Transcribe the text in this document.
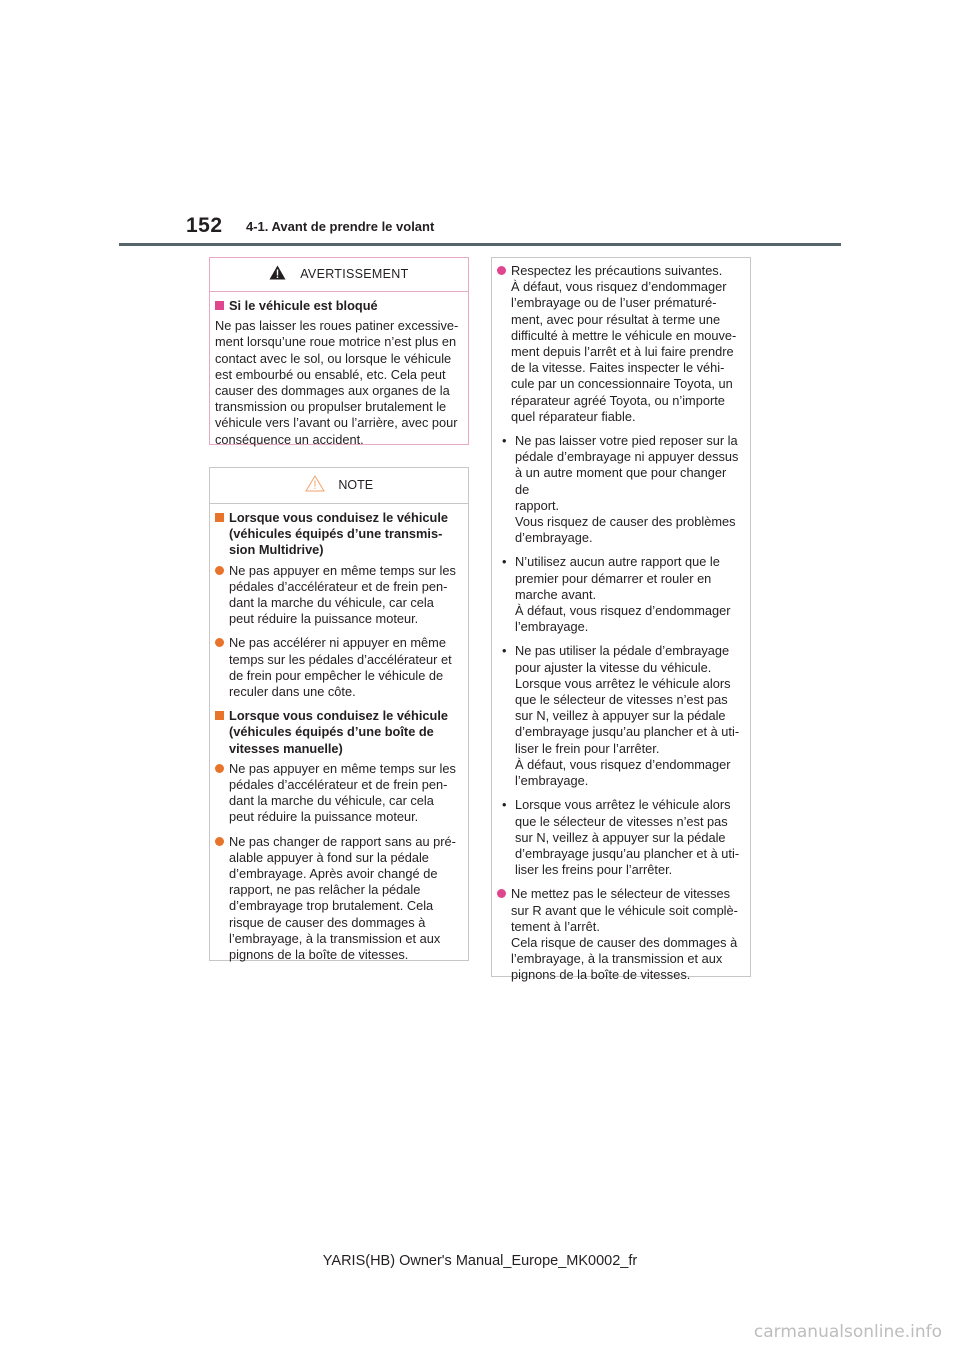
152 4-1. Avant de prendre le volant
AVERTISSEMENT
Si le véhicule est bloqué
Ne pas laisser les roues patiner excessive-
ment lorsqu’une roue motrice n’est plus en
contact avec le sol, ou lorsque le véhicule
est embourbé ou ensablé, etc. Cela peut
causer des dommages aux organes de la
transmission ou propulser brutalement le
véhicule vers l’avant ou l’arrière, avec pour
conséquence un accident.
NOTE
Lorsque vous conduisez le véhicule
(véhicules équipés d’une transmis-
sion Multidrive)
Ne pas appuyer en même temps sur les
pédales d’accélérateur et de frein pen-
dant la marche du véhicule, car cela
peut réduire la puissance moteur.
Ne pas accélérer ni appuyer en même
temps sur les pédales d’accélérateur et
de frein pour empêcher le véhicule de
reculer dans une côte.
Lorsque vous conduisez le véhicule
(véhicules équipés d’une boîte de
vitesses manuelle)
Ne pas appuyer en même temps sur les
pédales d’accélérateur et de frein pen-
dant la marche du véhicule, car cela
peut réduire la puissance moteur.
Ne pas changer de rapport sans au pré-
alable appuyer à fond sur la pédale
d’embrayage. Après avoir changé de
rapport, ne pas relâcher la pédale
d’embrayage trop brutalement. Cela
risque de causer des dommages à
l’embrayage, à la transmission et aux
pignons de la boîte de vitesses.
Respectez les précautions suivantes.
À défaut, vous risquez d’endommager
l’embrayage ou de l’user prématuré-
ment, avec pour résultat à terme une
difficulté à mettre le véhicule en mouve-
ment depuis l’arrêt et à lui faire prendre
de la vitesse. Faites inspecter le véhi-
cule par un concessionnaire Toyota, un
réparateur agréé Toyota, ou n’importe
quel réparateur fiable.
• Ne pas laisser votre pied reposer sur la
pédale d’embrayage ni appuyer dessus
à un autre moment que pour changer de
rapport.
Vous risquez de causer des problèmes
d’embrayage.
• N’utilisez aucun autre rapport que le
premier pour démarrer et rouler en
marche avant.
À défaut, vous risquez d’endommager
l’embrayage.
• Ne pas utiliser la pédale d’embrayage
pour ajuster la vitesse du véhicule.
Lorsque vous arrêtez le véhicule alors
que le sélecteur de vitesses n’est pas
sur N, veillez à appuyer sur la pédale
d’embrayage jusqu’au plancher et à uti-
liser le frein pour l’arrêter.
À défaut, vous risquez d’endommager
l’embrayage.
• Lorsque vous arrêtez le véhicule alors
que le sélecteur de vitesses n’est pas
sur N, veillez à appuyer sur la pédale
d’embrayage jusqu’au plancher et à uti-
liser les freins pour l’arrêter.
Ne mettez pas le sélecteur de vitesses
sur R avant que le véhicule soit complè-
tement à l’arrêt.
Cela risque de causer des dommages à
l’embrayage, à la transmission et aux
pignons de la boîte de vitesses.
YARIS(HB) Owner's Manual_Europe_MK0002_fr
carmanualsonline.info
